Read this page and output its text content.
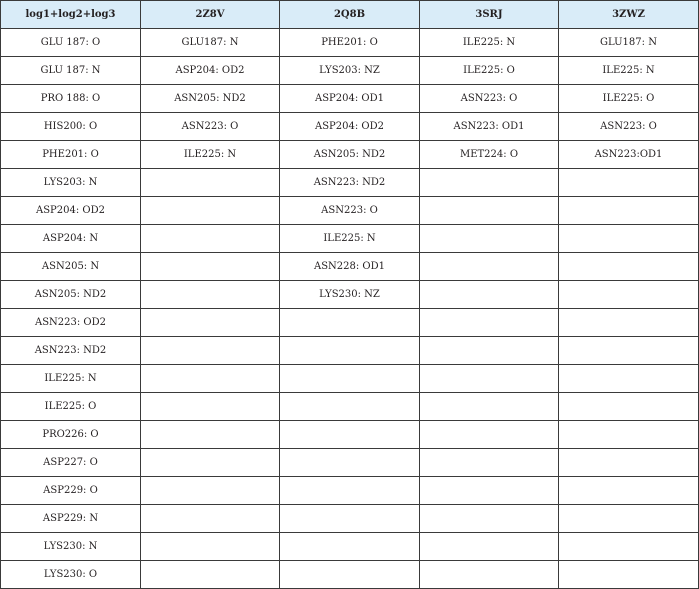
log1+log2+log3	2Z8V	2Q8B	3SRJ	3ZWZ
GLU 187: O	GLU187: N	PHE201: O	ILE225: N	GLU187: N
GLU 187: N	ASP204: OD2	LYS203: NZ	ILE225: O	ILE225: N
PRO 188: O	ASN205: ND2	ASP204: OD1	ASN223: O	ILE225: O
HIS200: O	ASN223: O	ASP204: OD2	ASN223: OD1	ASN223: O
PHE201: O	ILE225: N	ASN205: ND2	MET224: O	ASN223:OD1
LYS203: N		ASN223: ND2		
ASP204: OD2		ASN223: O		
ASP204: N		ILE225: N		
ASN205: N		ASN228: OD1		
ASN205: ND2		LYS230: NZ		
ASN223: OD2				
ASN223: ND2				
ILE225: N				
ILE225: O				
PRO226: O				
ASP227: O				
ASP229: O				
ASP229: N				
LYS230: N				
LYS230: O				
